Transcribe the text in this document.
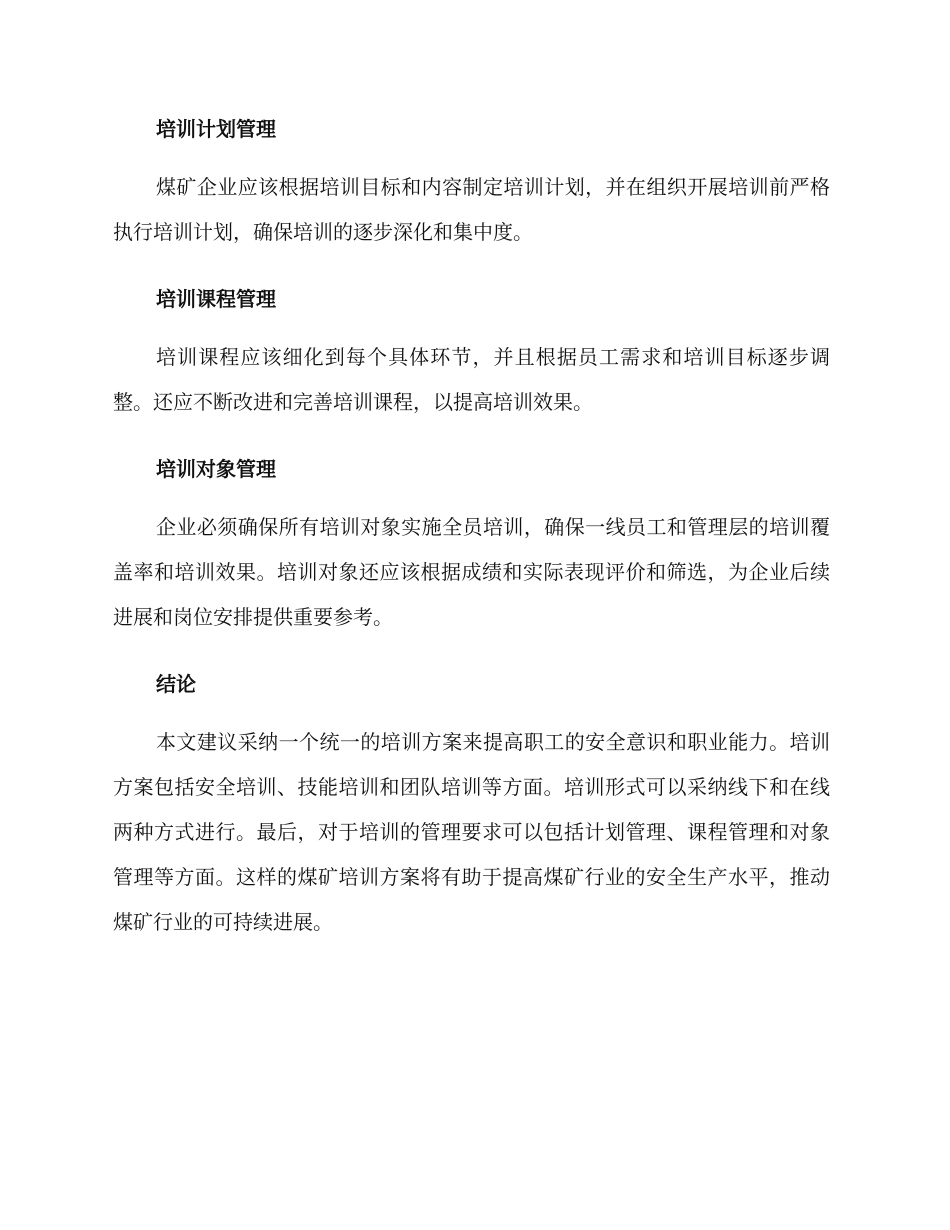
培训计划管理

煤矿企业应该根据培训目标和内容制定培训计划，并在组织开展培训前严格执行培训计划，确保培训的逐步深化和集中度。

培训课程管理

培训课程应该细化到每个具体环节，并且根据员工需求和培训目标逐步调整。还应不断改进和完善培训课程，以提高培训效果。

培训对象管理

企业必须确保所有培训对象实施全员培训，确保一线员工和管理层的培训覆盖率和培训效果。培训对象还应该根据成绩和实际表现评价和筛选，为企业后续进展和岗位安排提供重要参考。

结论

本文建议采纳一个统一的培训方案来提高职工的安全意识和职业能力。培训方案包括安全培训、技能培训和团队培训等方面。培训形式可以采纳线下和在线两种方式进行。最后，对于培训的管理要求可以包括计划管理、课程管理和对象管理等方面。这样的煤矿培训方案将有助于提高煤矿行业的安全生产水平，推动煤矿行业的可持续进展。
